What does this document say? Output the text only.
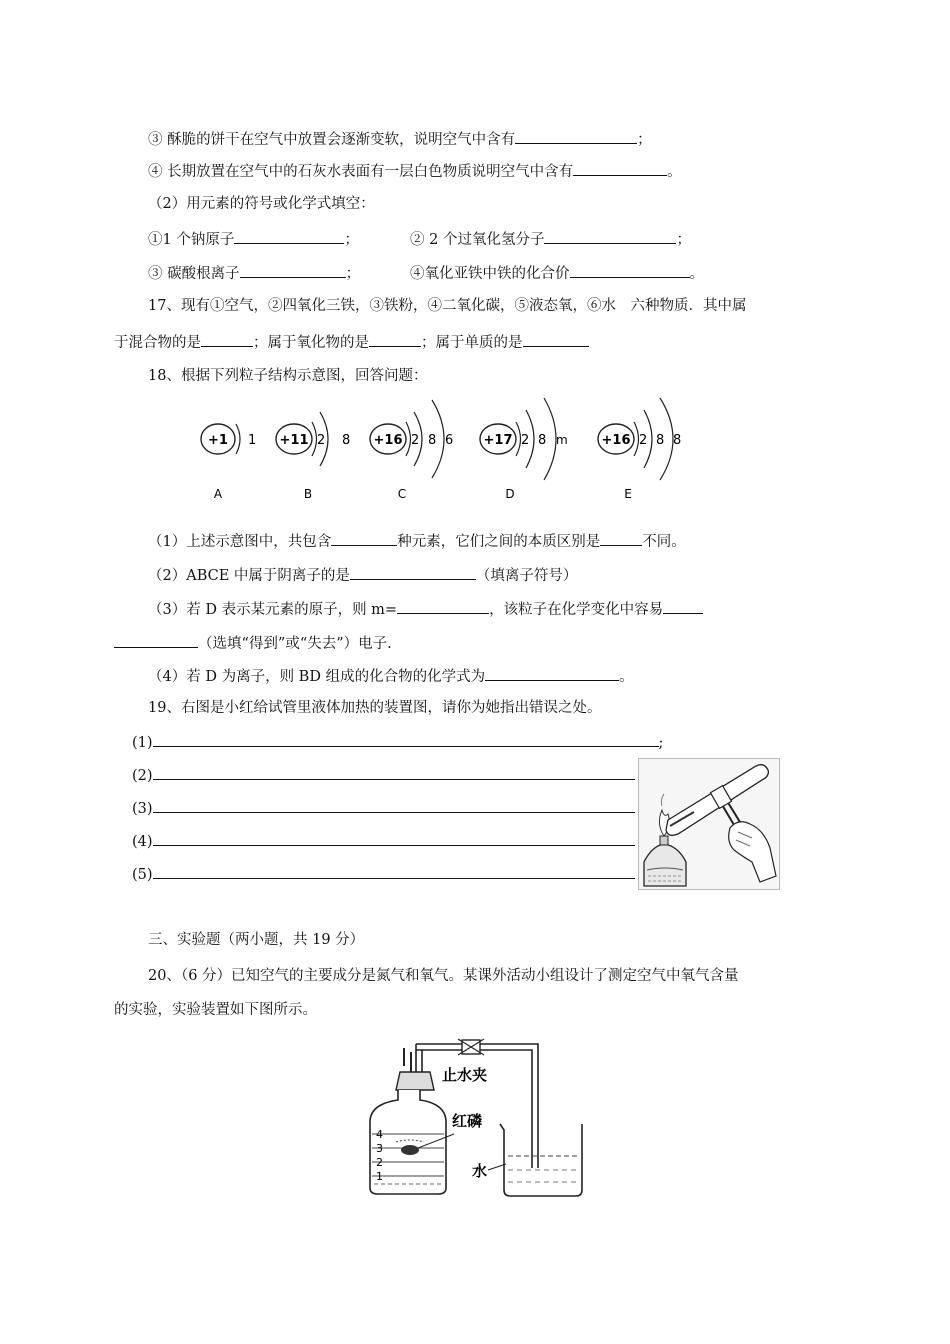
③ 酥脆的饼干在空气中放置会逐渐变软，说明空气中含有	；
④ 长期放置在空气中的石灰水表面有一层白色物质说明空气中含有	。
（2）用元素的符号或化学式填空：
①1 个钠原子	；	② 2 个过氧化氢分子	；
③ 碳酸根离子	；	④氧化亚铁中铁的化合价	。
17、现有①空气，②四氧化三铁，③铁粉，④二氧化碳，⑤液态氧，⑥水　六种物质．其中属
于混合物的是	；属于氧化物的是	；属于单质的是
18、根据下列粒子结构示意图，回答问题：
+1 1
A
+11 2 8
B
+16 2 8 6
C
+17 2 8 m
D
+16 2 8 8
E
（1）上述示意图中，共包含	种元素，它们之间的本质区别是	不同。
（2）ABCE 中属于阴离子的是	（填离子符号）
（3）若 D 表示某元素的原子，则 m=	，该粒子在化学变化中容易
（选填“得到”或“失去”）电子.
（4）若 D 为离子，则 BD 组成的化合物的化学式为	。
19、右图是小红给试管里液体加热的装置图，请你为她指出错误之处。
(1)	;
(2)
(3)
(4)
(5)
三、实验题（两小题，共 19 分）
20、（6 分）已知空气的主要成分是氮气和氧气。某课外活动小组设计了测定空气中氧气含量
的实验，实验装置如下图所示。
止水夹
4
3
2
1
红磷
水
